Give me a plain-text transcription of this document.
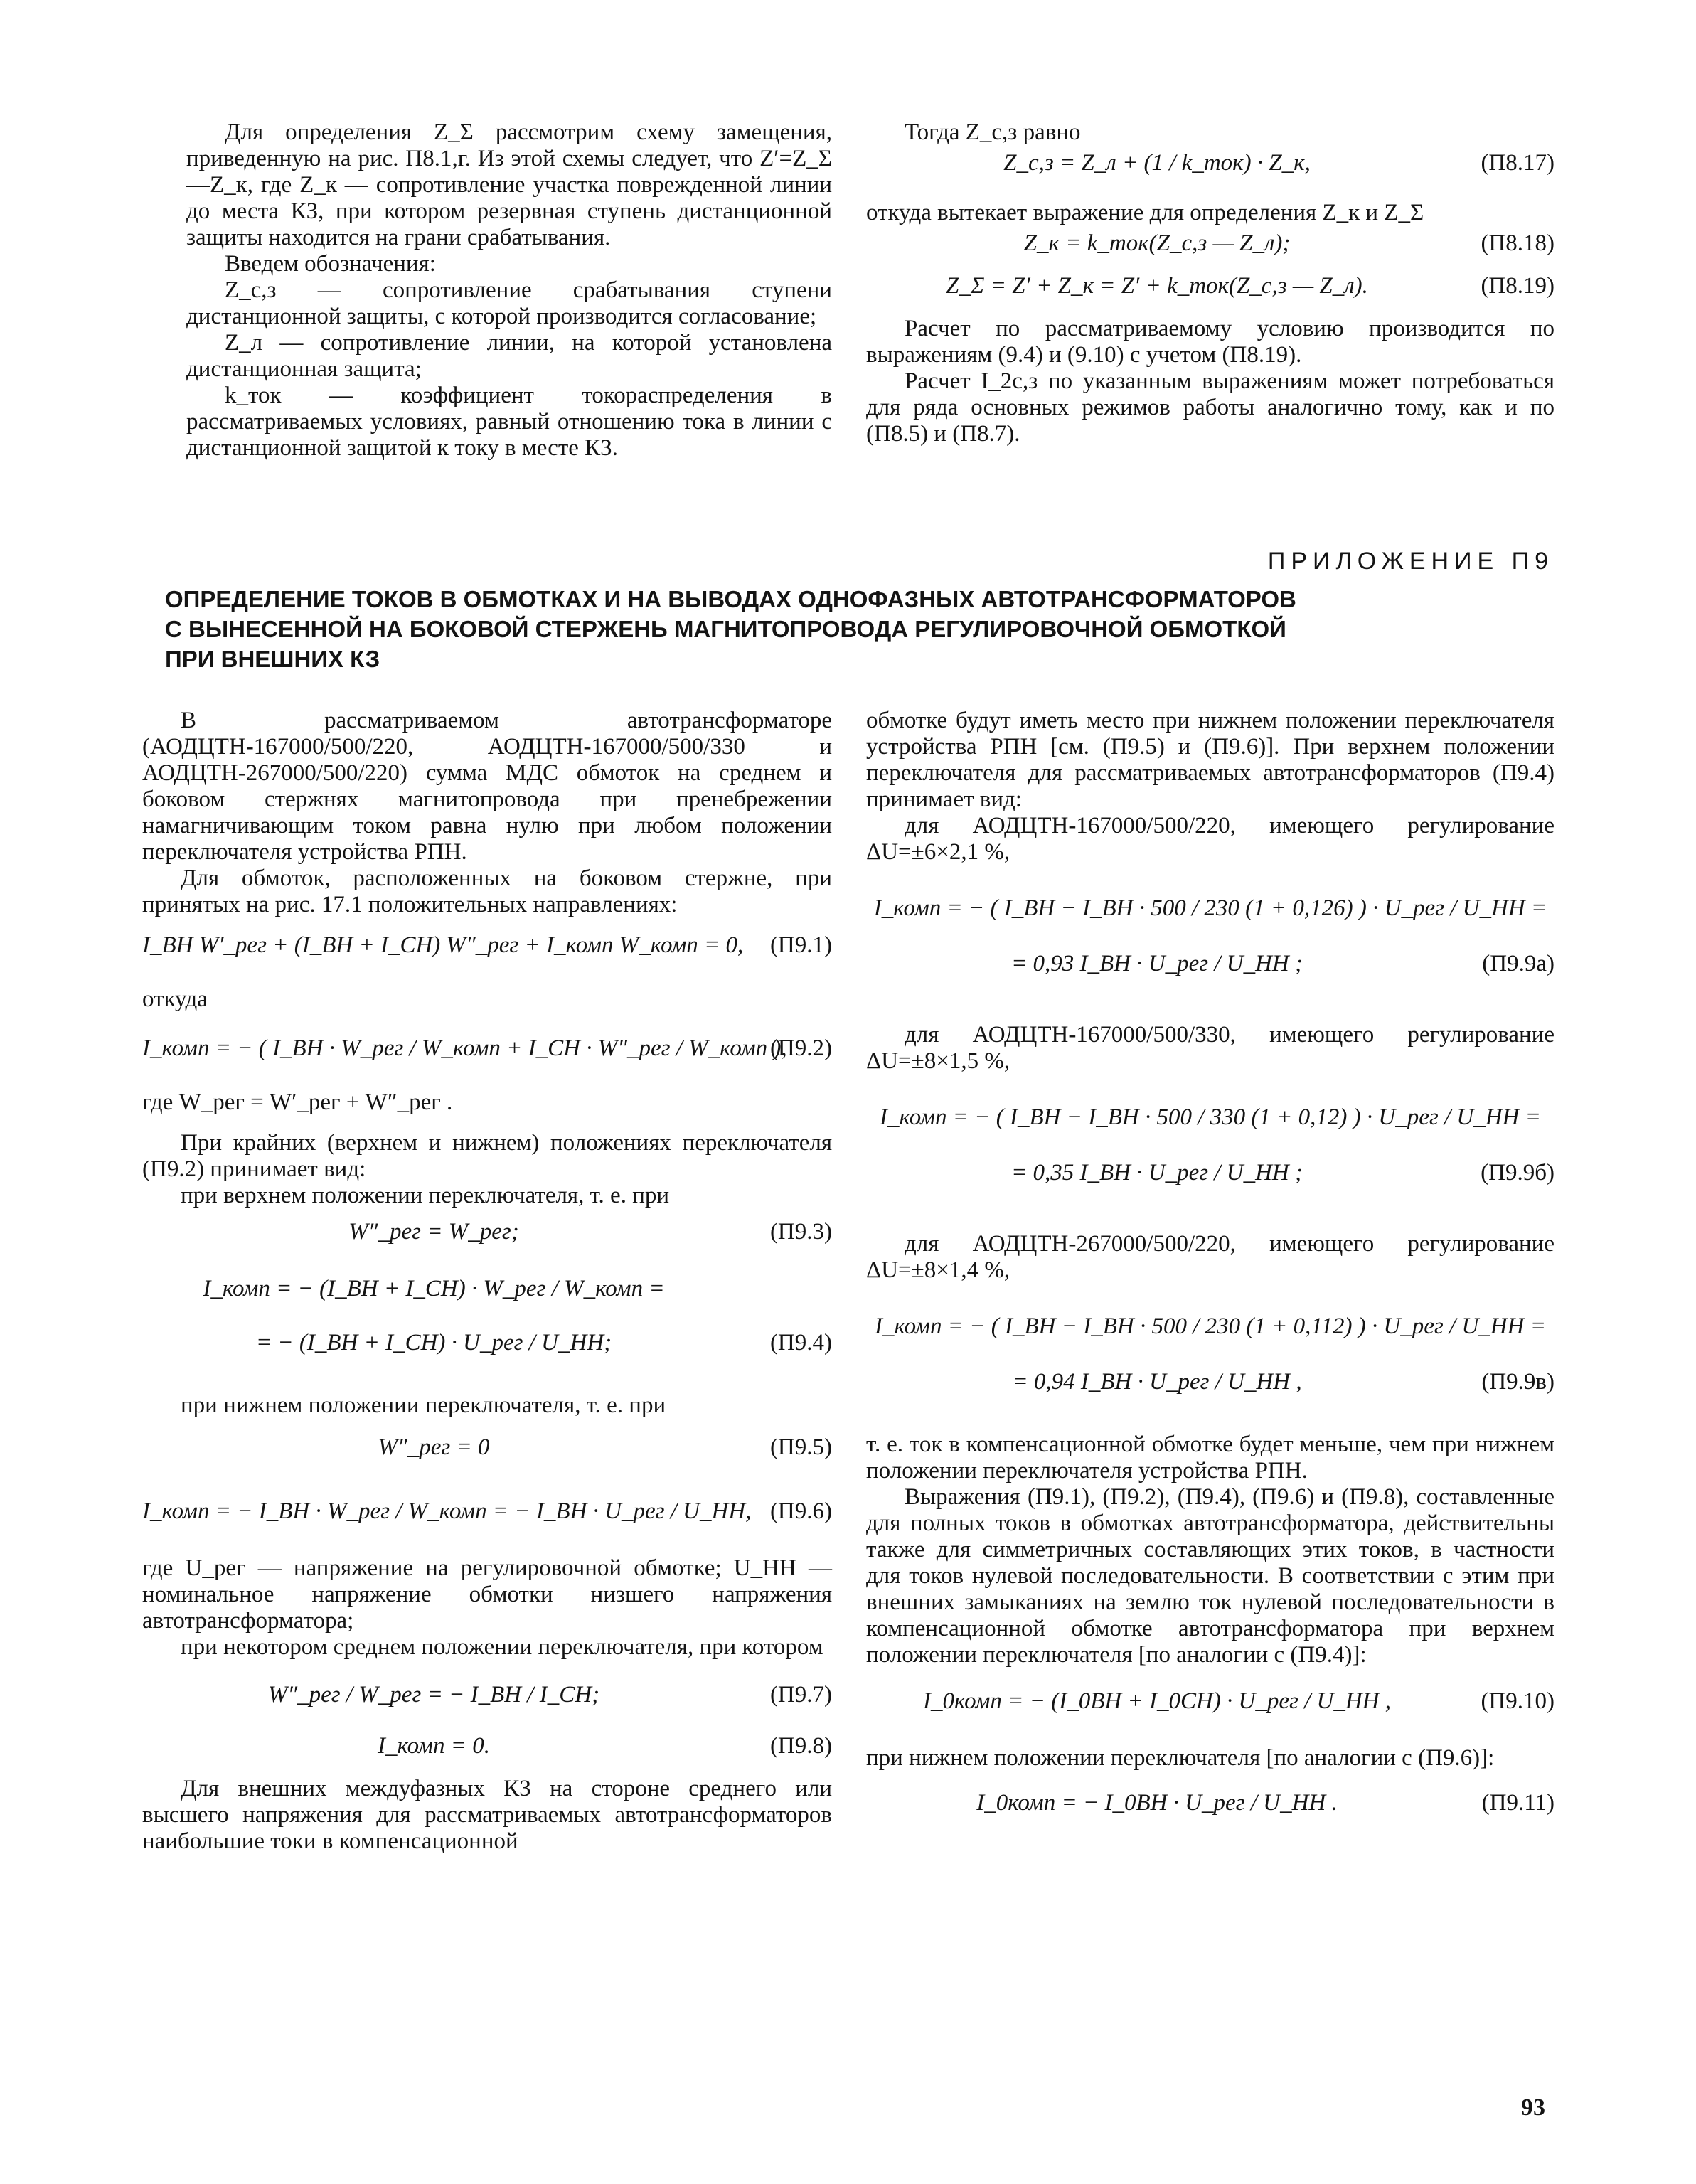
Для определения Z_Σ рассмотрим схему замещения, приведенную на рис. П8.1,г. Из этой схемы следует, что Z′=Z_Σ—Z_к, где Z_к — сопротивление участка поврежденной линии до места КЗ, при котором резервная ступень дистанционной защиты находится на грани срабатывания.

Введем обозначения:

Z_с,з — сопротивление срабатывания ступени дистанционной защиты, с которой производится согласование;

Z_л — сопротивление линии, на которой установлена дистанционная защита;

k_ток — коэффициент токораспределения в рассматриваемых условиях, равный отношению тока в линии с дистанционной защитой к току в месте КЗ.

Тогда Z_с,з равно

Z_с,з = Z_л + (1 / k_ток) · Z_к,	(П8.17)

откуда вытекает выражение для определения Z_к и Z_Σ

Z_к = k_ток(Z_с,з — Z_л);	(П8.18)
Z_Σ = Z′ + Z_к = Z′ + k_ток(Z_с,з — Z_л).	(П8.19)

Расчет по рассматриваемому условию производится по выражениям (9.4) и (9.10) с учетом (П8.19).

Расчет I_2с,з по указанным выражениям может потребоваться для ряда основных режимов работы аналогично тому, как и по (П8.5) и (П8.7).

ПРИЛОЖЕНИЕ П9
ОПРЕДЕЛЕНИЕ ТОКОВ В ОБМОТКАХ И НА ВЫВОДАХ ОДНОФАЗНЫХ АВТОТРАНСФОРМАТОРОВ
С ВЫНЕСЕННОЙ НА БОКОВОЙ СТЕРЖЕНЬ МАГНИТОПРОВОДА РЕГУЛИРОВОЧНОЙ ОБМОТКОЙ
ПРИ ВНЕШНИХ КЗ

В рассматриваемом автотрансформаторе (АОДЦТН-167000/500/220, АОДЦТН-167000/500/330 и АОДЦТН-267000/500/220) сумма МДС обмоток на среднем и боковом стержнях магнитопровода при пренебрежении намагничивающим током равна нулю при любом положении переключателя устройства РПН.

Для обмоток, расположенных на боковом стержне, при принятых на рис. 17.1 положительных направлениях:

I_ВН W′_рег + (I_ВН + I_СН) W″_рег + I_комп W_комп = 0, (П9.1)

откуда

I_комп = − ( I_ВН · W_рег / W_комп + I_СН · W″_рег / W_комп ),
(П9.2)

где W_рег = W′_рег + W″_рег .

При крайних (верхнем и нижнем) положениях переключателя (П9.2) принимает вид:

при верхнем положении переключателя, т. е. при

W″_рег = W_рег;	(П9.3)
I_комп = − (I_ВН + I_СН) · W_рег / W_комп =
= − (I_ВН + I_СН) · U_рег / U_НН;	(П9.4)

при нижнем положении переключателя, т. е. при

W″_рег = 0	(П9.5)
I_комп = − I_ВН · W_рег / W_комп = − I_ВН · U_рег / U_НН, (П9.6)

где U_рег — напряжение на регулировочной обмотке; U_НН — номинальное напряжение обмотки низшего напряжения автотрансформатора;

при некотором среднем положении переключателя, при котором

W″_рег / W_рег = − I_ВН / I_СН;	(П9.7)
I_комп = 0.	(П9.8)

Для внешних междуфазных КЗ на стороне среднего или высшего напряжения для рассматриваемых автотрансформаторов наибольшие токи в компенсационной

обмотке будут иметь место при нижнем положении переключателя устройства РПН [см. (П9.5) и (П9.6)]. При верхнем положении переключателя для рассматриваемых автотрансформаторов (П9.4) принимает вид:

для АОДЦТН-167000/500/220, имеющего регулирование ΔU=±6×2,1 %,

I_комп = − ( I_ВН − I_ВН · 500 / 230 (1 + 0,126) ) · U_рег / U_НН =
= 0,93 I_ВН · U_рег / U_НН ;	(П9.9а)

для АОДЦТН-167000/500/330, имеющего регулирование ΔU=±8×1,5 %,

I_комп = − ( I_ВН − I_ВН · 500 / 330 (1 + 0,12) ) · U_рег / U_НН =
= 0,35 I_ВН · U_рег / U_НН ;	(П9.9б)

для АОДЦТН-267000/500/220, имеющего регулирование ΔU=±8×1,4 %,

I_комп = − ( I_ВН − I_ВН · 500 / 230 (1 + 0,112) ) · U_рег / U_НН =
= 0,94 I_ВН · U_рег / U_НН ,	(П9.9в)

т. е. ток в компенсационной обмотке будет меньше, чем при нижнем положении переключателя устройства РПН.

Выражения (П9.1), (П9.2), (П9.4), (П9.6) и (П9.8), составленные для полных токов в обмотках автотрансформатора, действительны также для симметричных составляющих этих токов, в частности для токов нулевой последовательности. В соответствии с этим при внешних замыканиях на землю ток нулевой последовательности в компенсационной обмотке автотрансформатора при верхнем положении переключателя [по аналогии с (П9.4)]:

I_0комп = − (I_0ВН + I_0СН) · U_рег / U_НН ,	(П9.10)

при нижнем положении переключателя [по аналогии с (П9.6)]:

I_0комп = − I_0ВН · U_рег / U_НН .	(П9.11)
93
